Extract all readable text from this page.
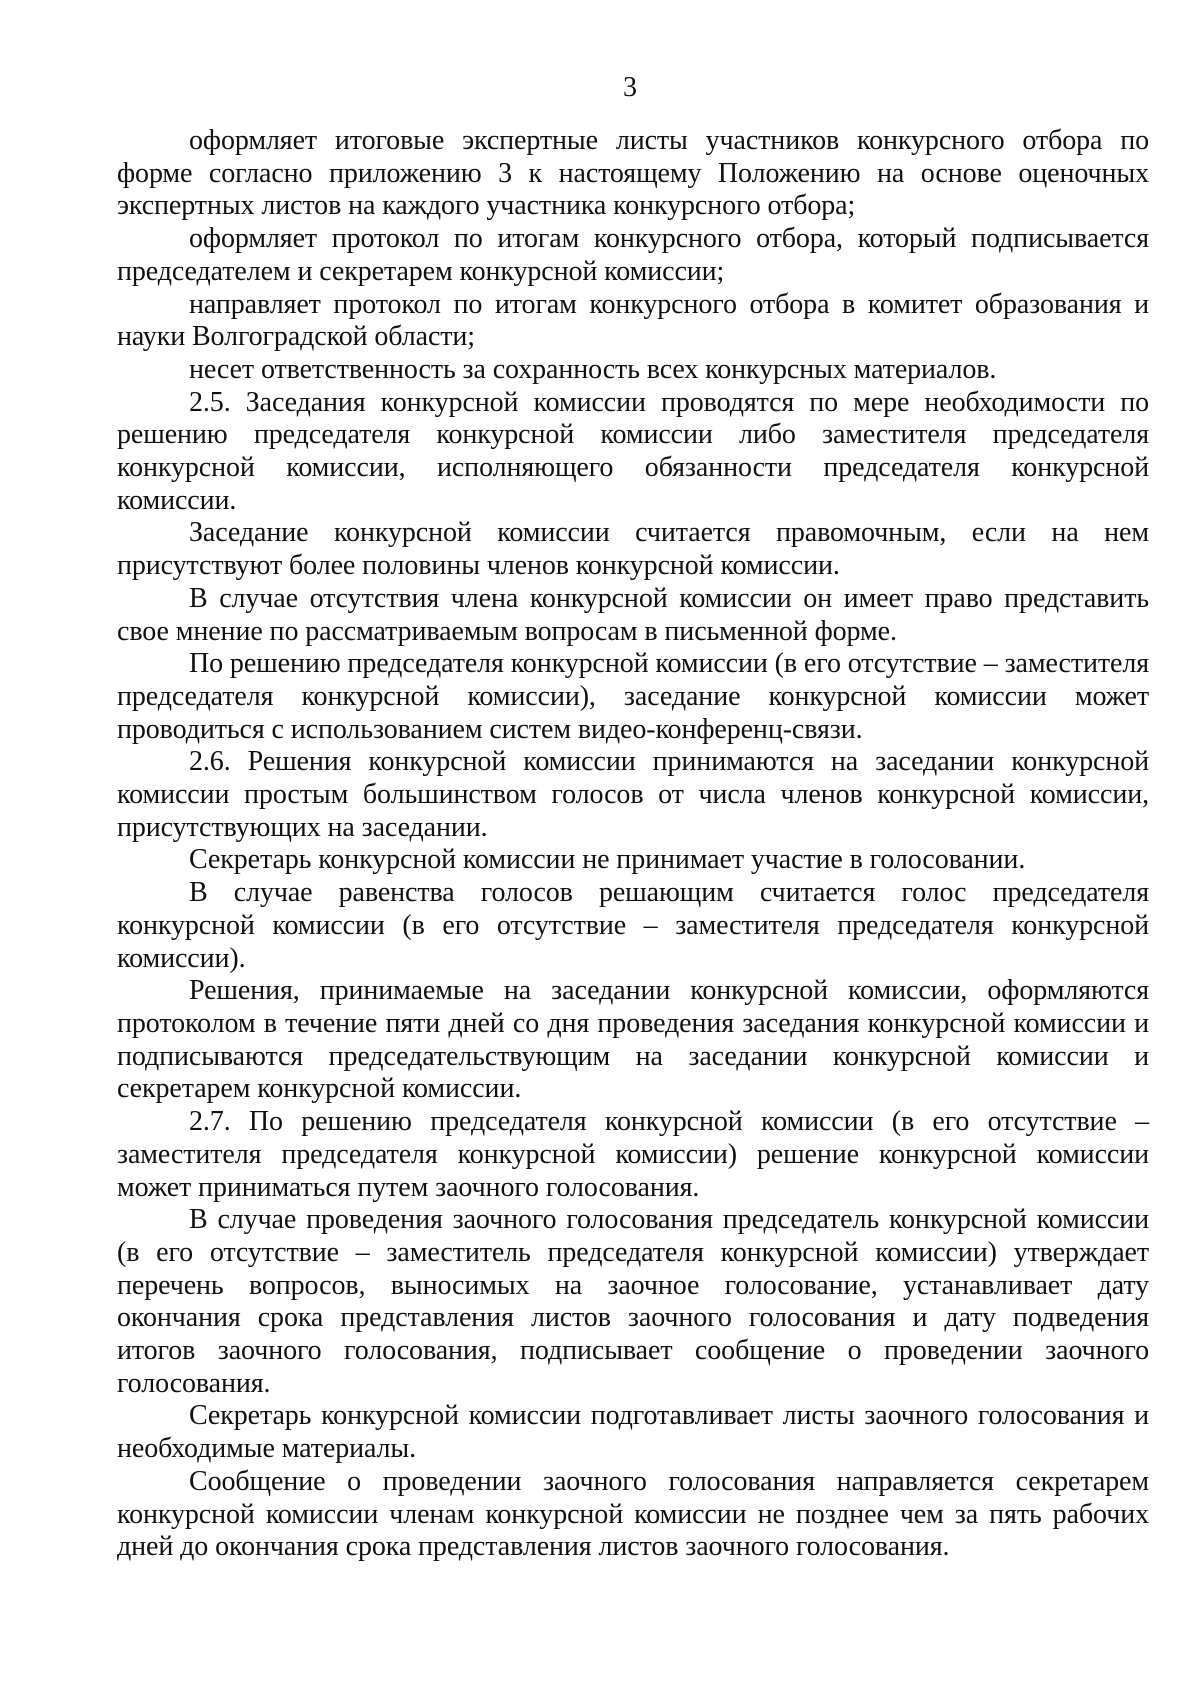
3

оформляет итоговые экспертные листы участников конкурсного отбора по форме согласно приложению 3 к настоящему Положению на основе оценочных экспертных листов на каждого участника конкурсного отбора;

оформляет протокол по итогам конкурсного отбора, который подписывается председателем и секретарем конкурсной комиссии;

направляет протокол по итогам конкурсного отбора в комитет образования и науки Волгоградской области;

несет ответственность за сохранность всех конкурсных материалов.

2.5. Заседания конкурсной комиссии проводятся по мере необходимости по решению председателя конкурсной комиссии либо заместителя председателя конкурсной комиссии, исполняющего обязанности председателя конкурсной комиссии.

Заседание конкурсной комиссии считается правомочным, если на нем присутствуют более половины членов конкурсной комиссии.

В случае отсутствия члена конкурсной комиссии он имеет право представить свое мнение по рассматриваемым вопросам в письменной форме.

По решению председателя конкурсной комиссии (в его отсутствие – заместителя председателя конкурсной комиссии), заседание конкурсной комиссии может проводиться с использованием систем видео-конференц-связи.

2.6. Решения конкурсной комиссии принимаются на заседании конкурсной комиссии простым большинством голосов от числа членов конкурсной комиссии, присутствующих на заседании.

Секретарь конкурсной комиссии не принимает участие в голосовании.

В случае равенства голосов решающим считается голос председателя конкурсной комиссии (в его отсутствие – заместителя председателя конкурсной комиссии).

Решения, принимаемые на заседании конкурсной комиссии, оформляются протоколом в течение пяти дней со дня проведения заседания конкурсной комиссии и подписываются председательствующим на заседании конкурсной комиссии и секретарем конкурсной комиссии.

2.7. По решению председателя конкурсной комиссии (в его отсутствие – заместителя председателя конкурсной комиссии) решение конкурсной комиссии может приниматься путем заочного голосования.

В случае проведения заочного голосования председатель конкурсной комиссии (в его отсутствие – заместитель председателя конкурсной комиссии) утверждает перечень вопросов, выносимых на заочное голосование, устанавливает дату окончания срока представления листов заочного голосования и дату подведения итогов заочного голосования, подписывает сообщение о проведении заочного голосования.

Секретарь конкурсной комиссии подготавливает листы заочного голосования и необходимые материалы.

Сообщение о проведении заочного голосования направляется секретарем конкурсной комиссии членам конкурсной комиссии не позднее чем за пять рабочих дней до окончания срока представления листов заочного голосования.
